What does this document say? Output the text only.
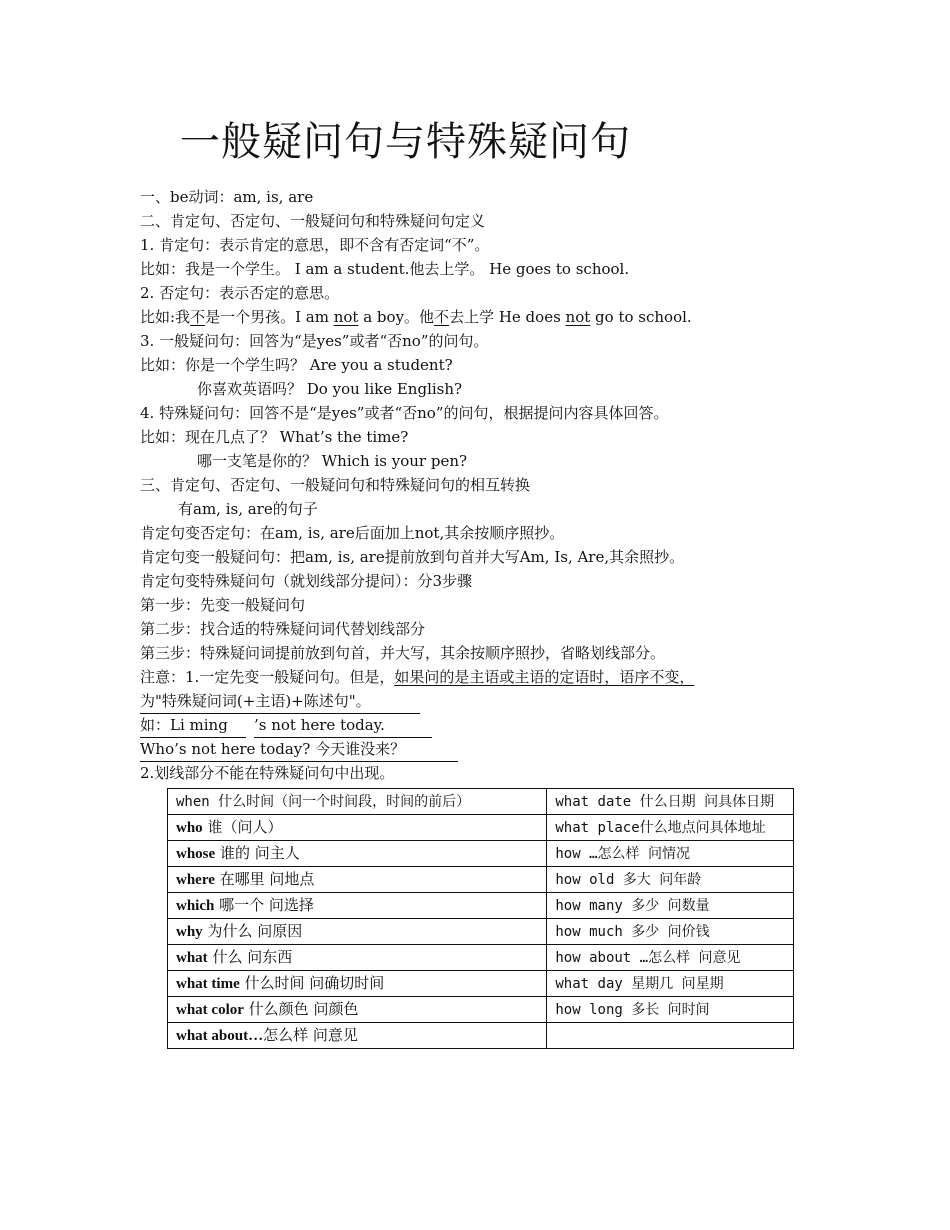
一般疑问句与特殊疑问句
一、be动词：am, is, are
二、肯定句、否定句、一般疑问句和特殊疑问句定义
1. 肯定句：表示肯定的意思，即不含有否定词“不”。
比如：我是一个学生。 I am a student.他去上学。 He goes to school.
2. 否定句：表示否定的意思。
比如:我不是一个男孩。I am not a boy。他不去上学 He does not go to school.
3. 一般疑问句：回答为“是yes”或者“否no”的问句。
比如：你是一个学生吗？ Are you a student?
你喜欢英语吗？ Do you like English?
4. 特殊疑问句：回答不是“是yes”或者“否no”的问句，根据提问内容具体回答。
比如：现在几点了？ What’s the time?
哪一支笔是你的？ Which is your pen?
三、肯定句、否定句、一般疑问句和特殊疑问句的相互转换
有am, is, are的句子
肯定句变否定句：在am, is, are后面加上not,其余按顺序照抄。
肯定句变一般疑问句：把am, is, are提前放到句首并大写Am, Is, Are,其余照抄。
肯定句变特殊疑问句（就划线部分提问）：分3步骤
第一步：先变一般疑问句
第二步：找合适的特殊疑问词代替划线部分
第三步：特殊疑问词提前放到句首，并大写，其余按顺序照抄，省略划线部分。
注意：1.一定先变一般疑问句。但是，如果问的是主语或主语的定语时，语序不变，
为"特殊疑问词(+主语)+陈述句"。
如：Li ming’s not here today.
Who’s not here today? 今天谁没来？
2.划线部分不能在特殊疑问句中出现。
when 什么时间（问一个时间段，时间的前后）	what date 什么日期 问具体日期
who 谁（问人）	what place什么地点问具体地址
whose 谁的 问主人	how …怎么样 问情况
where 在哪里 问地点	how old 多大 问年龄
which 哪一个 问选择	how many 多少 问数量
why 为什么 问原因	how much 多少 问价钱
what 什么 问东西	how about …怎么样 问意见
what time 什么时间 问确切时间	what day 星期几 问星期
what color 什么颜色 问颜色	how long 多长 问时间
what about…怎么样 问意见	
